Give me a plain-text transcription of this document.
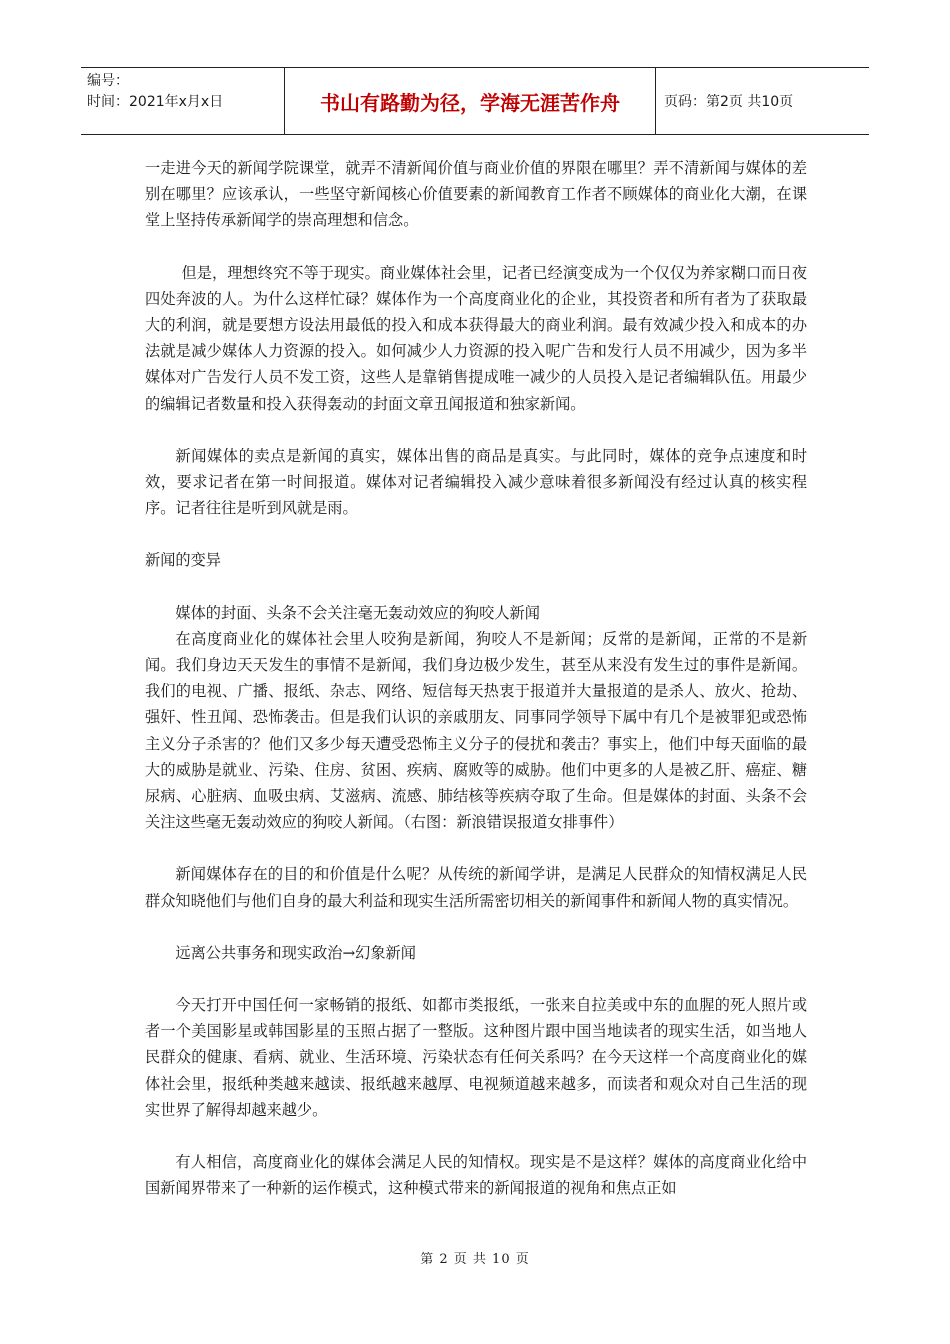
编号：
时间：2021年x月x日	书山有路勤为径，学海无涯苦作舟	页码：第2页 共10页

一走进今天的新闻学院课堂，就弄不清新闻价值与商业价值的界限在哪里？弄不清新闻与媒体的差别在哪里？应该承认，一些坚守新闻核心价值要素的新闻教育工作者不顾媒体的商业化大潮，在课堂上坚持传承新闻学的崇高理想和信念。

但是，理想终究不等于现实。商业媒体社会里，记者已经演变成为一个仅仅为养家糊口而日夜四处奔波的人。为什么这样忙碌？媒体作为一个高度商业化的企业，其投资者和所有者为了获取最大的利润，就是要想方设法用最低的投入和成本获得最大的商业利润。最有效减少投入和成本的办法就是减少媒体人力资源的投入。如何减少人力资源的投入呢广告和发行人员不用减少，因为多半媒体对广告发行人员不发工资，这些人是靠销售提成唯一减少的人员投入是记者编辑队伍。用最少的编辑记者数量和投入获得轰动的封面文章丑闻报道和独家新闻。

新闻媒体的卖点是新闻的真实，媒体出售的商品是真实。与此同时，媒体的竞争点速度和时效，要求记者在第一时间报道。媒体对记者编辑投入减少意味着很多新闻没有经过认真的核实程序。记者往往是听到风就是雨。

新闻的变异

媒体的封面、头条不会关注毫无轰动效应的狗咬人新闻

在高度商业化的媒体社会里人咬狗是新闻，狗咬人不是新闻；反常的是新闻，正常的不是新闻。我们身边天天发生的事情不是新闻，我们身边极少发生，甚至从来没有发生过的事件是新闻。我们的电视、广播、报纸、杂志、网络、短信每天热衷于报道并大量报道的是杀人、放火、抢劫、强奸、性丑闻、恐怖袭击。但是我们认识的亲戚朋友、同事同学领导下属中有几个是被罪犯或恐怖主义分子杀害的？他们又多少每天遭受恐怖主义分子的侵扰和袭击？事实上，他们中每天面临的最大的威胁是就业、污染、住房、贫困、疾病、腐败等的威胁。他们中更多的人是被乙肝、癌症、糖尿病、心脏病、血吸虫病、艾滋病、流感、肺结核等疾病夺取了生命。但是媒体的封面、头条不会关注这些毫无轰动效应的狗咬人新闻。（右图：新浪错误报道女排事件）

新闻媒体存在的目的和价值是什么呢？从传统的新闻学讲，是满足人民群众的知情权满足人民群众知晓他们与他们自身的最大利益和现实生活所需密切相关的新闻事件和新闻人物的真实情况。

远离公共事务和现实政治→幻象新闻

今天打开中国任何一家畅销的报纸、如都市类报纸，一张来自拉美或中东的血腥的死人照片或者一个美国影星或韩国影星的玉照占据了一整版。这种图片跟中国当地读者的现实生活，如当地人民群众的健康、看病、就业、生活环境、污染状态有任何关系吗？在今天这样一个高度商业化的媒体社会里，报纸种类越来越读、报纸越来越厚、电视频道越来越多，而读者和观众对自己生活的现实世界了解得却越来越少。

有人相信，高度商业化的媒体会满足人民的知情权。现实是不是这样？媒体的高度商业化给中国新闻界带来了一种新的运作模式，这种模式带来的新闻报道的视角和焦点正如

第 2 页 共 10 页
